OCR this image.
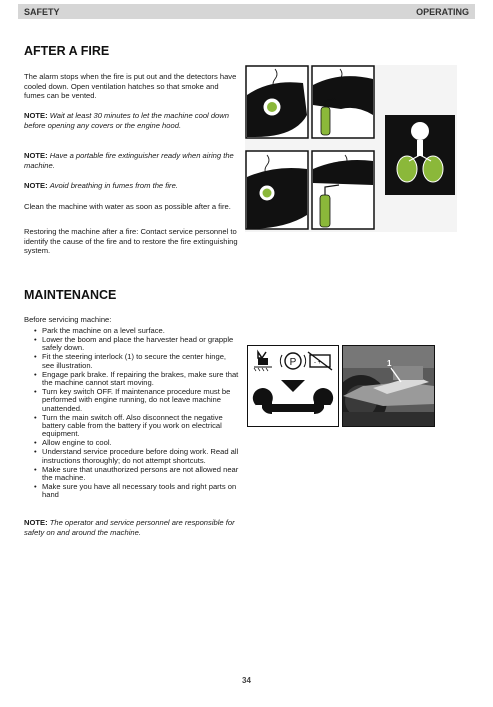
SAFETY	OPERATING
AFTER A FIRE

The alarm stops when the fire is put out and the detectors have cooled down. Open ventilation hatches so that smoke and fumes can be vented.

NOTE: Wait at least 30 minutes to let the machine cool down before opening any covers or the engine hood.

NOTE: Have a portable fire extinguisher ready when airing the machine.

NOTE: Avoid breathing in fumes from the fire.

Clean the machine with water as soon as possible after a fire.

Restoring the machine after a fire: Contact service personnel to identify the cause of the fire and to restore the fire extinguishing system.

MAINTENANCE

Before servicing machine:

• Park the machine on a level surface.
• Lower the boom and place the harvester head or grapple safely down.
• Fit the steering interlock (1) to secure the center hinge, see illustration.
• Engage park brake. If repairing the brakes, make sure that the machine cannot start moving.
• Turn key switch OFF. If maintenance procedure must be performed with engine running, do not leave machine unattended.
• Turn the main switch off. Also disconnect the negative battery cable from the battery if you work on electrical equipment.
• Allow engine to cool.
• Understand service procedure before doing work. Read all instructions thoroughly; do not attempt shortcuts.
• Make sure that unauthorized persons are not allowed near the machine.
• Make sure you have all necessary tools and right parts on hand

NOTE: The operator and service personnel are responsible for safety on and around the machine.

P	- +	1
34
